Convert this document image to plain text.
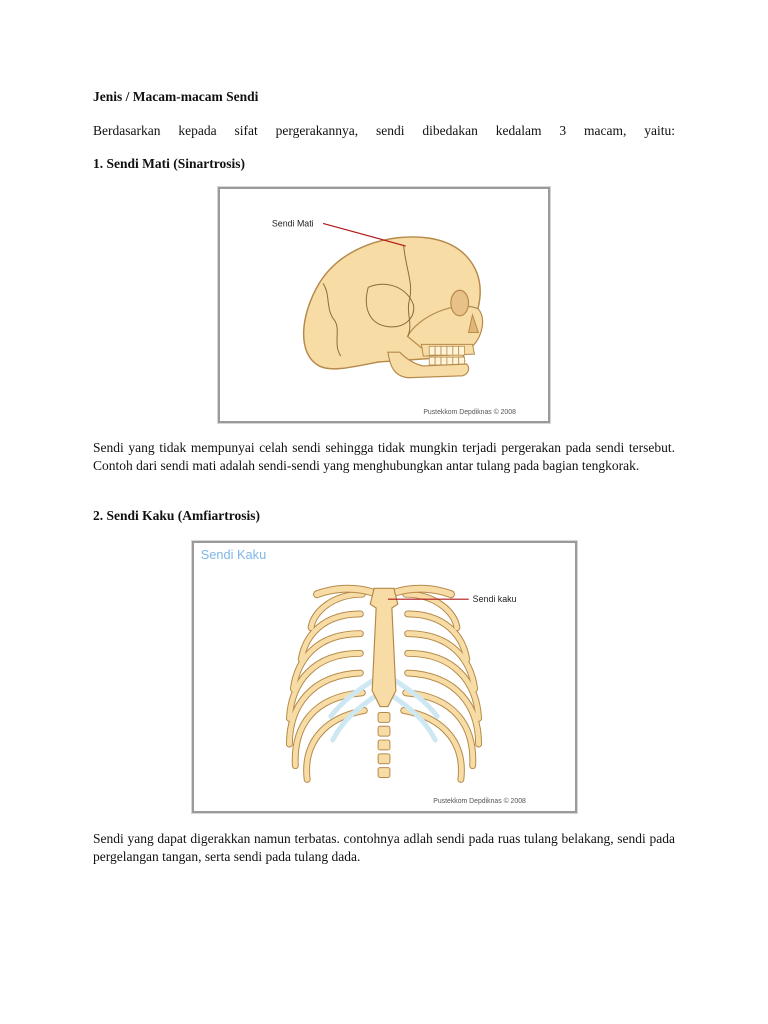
Jenis / Macam-macam Sendi

Berdasarkan kepada sifat pergerakannya, sendi dibedakan kedalam 3 macam, yaitu:

1. Sendi Mati (Sinartrosis)

Sendi Mati
Pustekkom Depdiknas © 2008

Sendi yang tidak mempunyai celah sendi sehingga tidak mungkin terjadi pergerakan pada sendi tersebut. Contoh dari sendi mati adalah sendi-sendi yang menghubungkan antar tulang pada bagian tengkorak.

2. Sendi Kaku (Amfiartrosis)

Sendi Kaku
Sendi kaku
Pustekkom Depdiknas © 2008

Sendi yang dapat digerakkan namun terbatas. contohnya adlah sendi pada ruas tulang belakang, sendi pada pergelangan tangan, serta sendi pada tulang dada.
